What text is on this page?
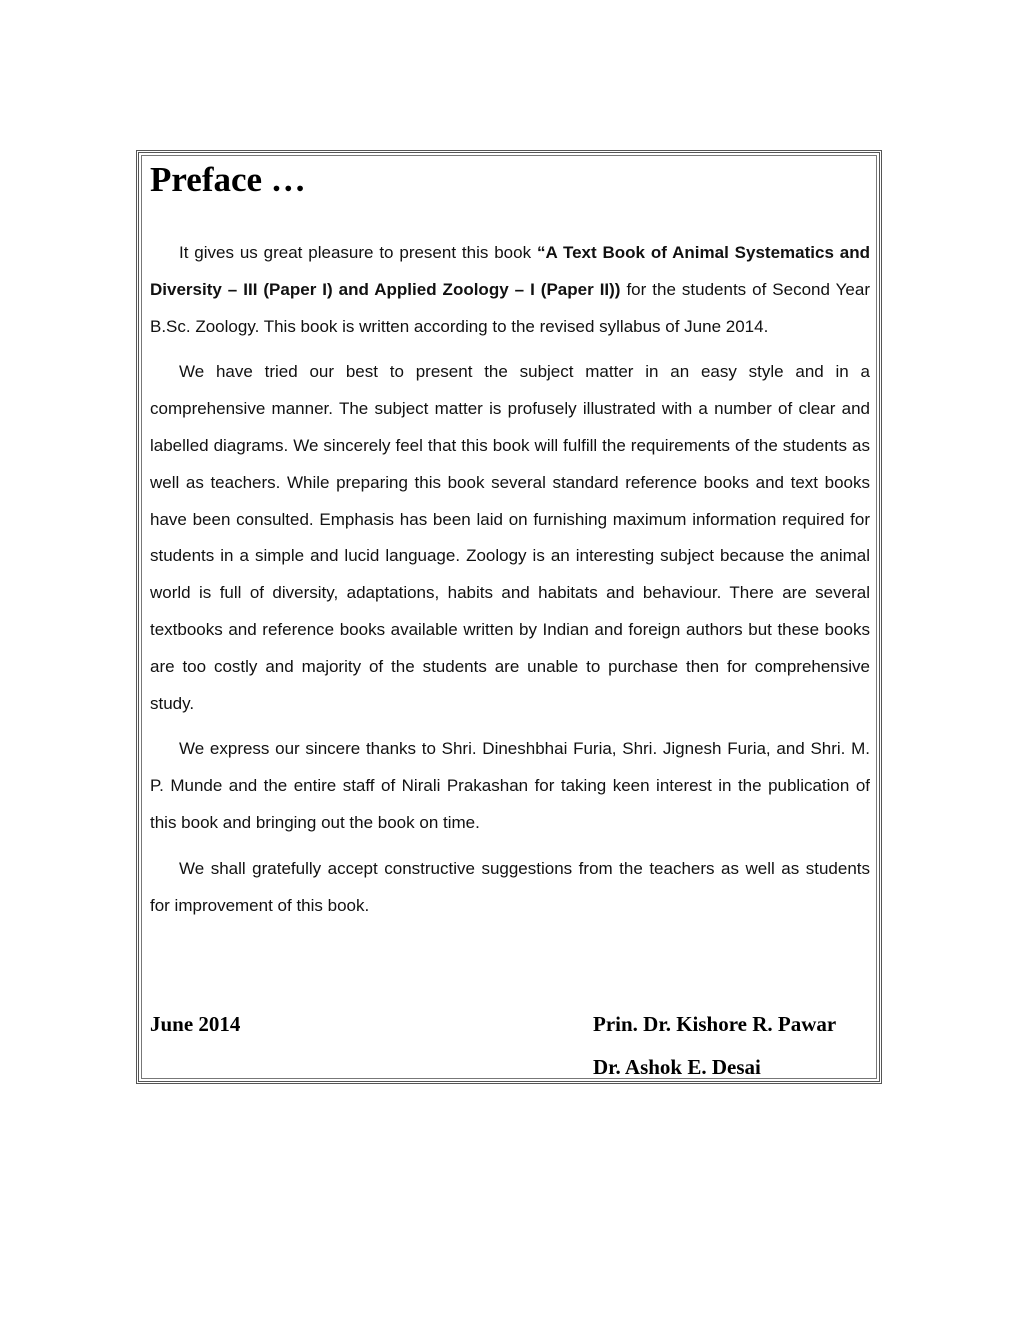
Preface …

It gives us great pleasure to present this book “A Text Book of Animal Systematics and Diversity – III (Paper I) and Applied Zoology – I (Paper II)) for the students of Second Year B.Sc. Zoology. This book is written according to the revised syllabus of June 2014.

We have tried our best to present the subject matter in an easy style and in a comprehensive manner. The subject matter is profusely illustrated with a number of clear and labelled diagrams. We sincerely feel that this book will fulfill the requirements of the students as well as teachers. While preparing this book several standard reference books and text books have been consulted. Emphasis has been laid on furnishing maximum information required for students in a simple and lucid language. Zoology is an interesting subject because the animal world is full of diversity, adaptations, habits and habitats and behaviour. There are several textbooks and reference books available written by Indian and foreign authors but these books are too costly and majority of the students are unable to purchase then for comprehensive study.

We express our sincere thanks to Shri. Dineshbhai Furia, Shri. Jignesh Furia, and Shri. M. P. Munde and the entire staff of Nirali Prakashan for taking keen interest in the publication of this book and bringing out the book on time.

We shall gratefully accept constructive suggestions from the teachers as well as students for improvement of this book.

June 2014	Prin. Dr. Kishore R. Pawar
Dr. Ashok E. Desai
